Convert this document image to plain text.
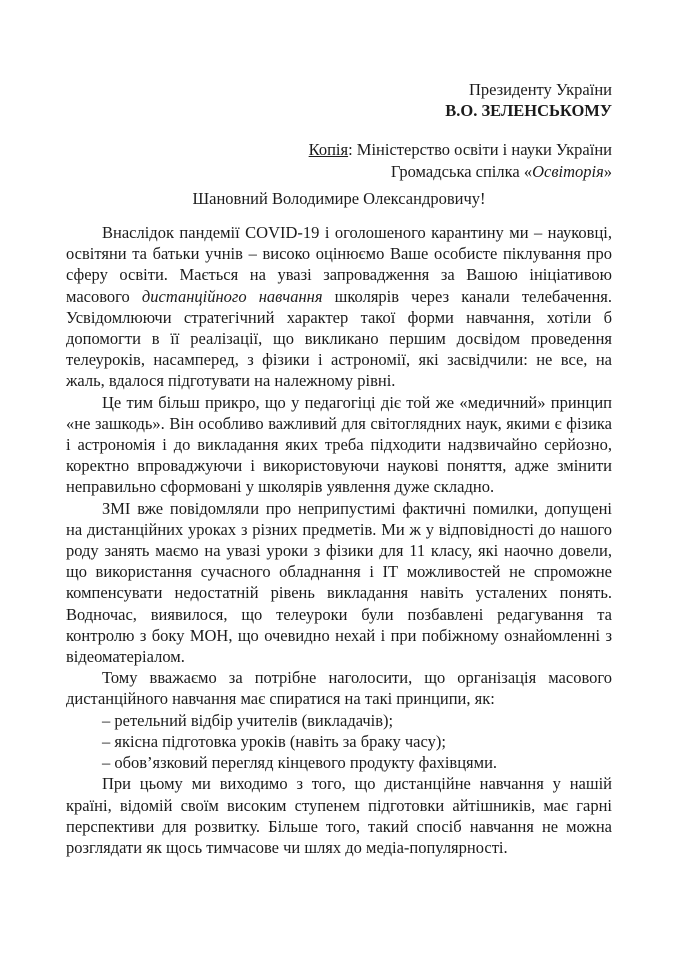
Президенту України
В.О. ЗЕЛЕНСЬКОМУ
Копія: Міністерство освіти і науки України
Громадська спілка «Освіторія»
Шановний Володимире Олександровичу!

Внаслідок пандемії COVID-19 і оголошеного карантину ми – науковці, освітяни та батьки учнів – високо оцінюємо Ваше особисте піклування про сферу освіти. Мається на увазі запровадження за Вашою ініціативою масового дистанційного навчання школярів через канали телебачення. Усвідомлюючи стратегічний характер такої форми навчання, хотіли б допомогти в її реалізації, що викликано першим досвідом проведення телеуроків, насамперед, з фізики і астрономії, які засвідчили: не все, на жаль, вдалося підготувати на належному рівні.

Це тим більш прикро, що у педагогіці діє той же «медичний» принцип «не зашкодь». Він особливо важливий для світоглядних наук, якими є фізика і астрономія і до викладання яких треба підходити надзвичайно серйозно, коректно впроваджуючи і використовуючи наукові поняття, адже змінити неправильно сформовані у школярів уявлення дуже складно.

ЗМІ вже повідомляли про неприпустимі фактичні помилки, допущені на дистанційних уроках з різних предметів. Ми ж у відповідності до нашого роду занять маємо на увазі уроки з фізики для 11 класу, які наочно довели, що використання сучасного обладнання і ІТ можливостей не спроможне компенсувати недостатній рівень викладання навіть усталених понять. Водночас, виявилося, що телеуроки були позбавлені редагування та контролю з боку МОН, що очевидно нехай і при побіжному ознайомленні з відеоматеріалом.

Тому вважаємо за потрібне наголосити, що організація масового дистанційного навчання має спиратися на такі принципи, як:

– ретельний відбір учителів (викладачів);

– якісна підготовка уроків (навіть за браку часу);

– обов’язковий перегляд кінцевого продукту фахівцями.

При цьому ми виходимо з того, що дистанційне навчання у нашій країні, відомій своїм високим ступенем підготовки айтішників, має гарні перспективи для розвитку. Більше того, такий спосіб навчання не можна розглядати як щось тимчасове чи шлях до медіа-популярності.
